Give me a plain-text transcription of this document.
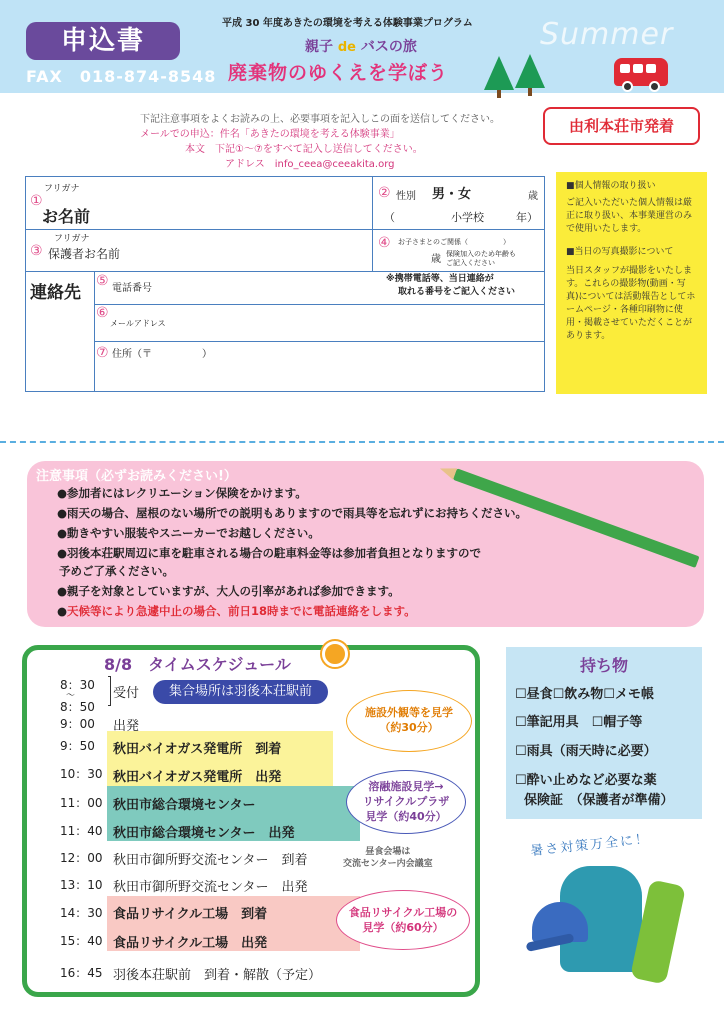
申込書
FAX　018-874-8548
平成 30 年度あきたの環境を考える体験事業プログラム
親子 de バスの旅
廃棄物のゆくえを学ぼう
Summer
下記注意事項をよくお読みの上、必要事項を記入しこの面を送信してください。
メールでの申込：件名「あきたの環境を考える体験事業」
本文　下記①～⑦をすべて記入し送信してください。
アドレス　info_ceea@ceeakita.org
由利本荘市発着
フリガナ
①
お名前
② 性別 男・女	歳
（	小学校	年）
フリガナ
③ 保護者お名前
④ お子さまとのご関係（　　　　　）
歳 保険加入のため年齢も
ご記入ください
連絡先
⑤ 電話番号
※携帯電話等、当日連絡が
取れる番号をご記入ください
⑥
メールアドレス
⑦ 住所（〒　　　　　）
■個人情報の取り扱い
ご記入いただいた個人情報は厳正に取り扱い、本事業運営のみで使用いたします。
■当日の写真撮影について
当日スタッフが撮影をいたします。これらの撮影物(動画・写真)については活動報告としてホームページ・各種印刷物に使用・掲載させていただくことがあります。
注意事項（必ずお読みください!）
●参加者にはレクリエーション保険をかけます。
●雨天の場合、屋根のない場所での説明もありますので雨具等を忘れずにお持ちください。
●動きやすい服装やスニーカーでお越しください。
●羽後本荘駅周辺に車を駐車される場合の駐車料金等は参加者負担となりますので
予めご了承ください。
●親子を対象としていますが、大人の引率があれば参加できます。
●天候等により急遽中止の場合、前日18時までに電話連絡をします。
8/8　タイムスケジュール
集合場所は羽後本荘駅前
8：30
受付
～
8：50
9：00 出発
9：50 秋田バイオガス発電所　到着
10：30 秋田バイオガス発電所　出発
11：00 秋田市総合環境センター
11：40 秋田市総合環境センター　出発
12：00 秋田市御所野交流センター　到着
13：10 秋田市御所野交流センター　出発
14：30 食品リサイクル工場　到着
15：40 食品リサイクル工場　出発
16：45 羽後本荘駅前　到着・解散（予定）
施設外観等を見学
（約30分）
溶融施設見学→
リサイクルプラザ
見学（約40分）
昼食会場は
交流センター内会議室
食品リサイクル工場の
見学（約60分）
持ち物
☐昼食☐飲み物☐メモ帳
☐筆記用具　☐帽子等
☐雨具（雨天時に必要）
☐酔い止めなど必要な薬
保険証　（保護者が準備）
暑さ対策万全に！
